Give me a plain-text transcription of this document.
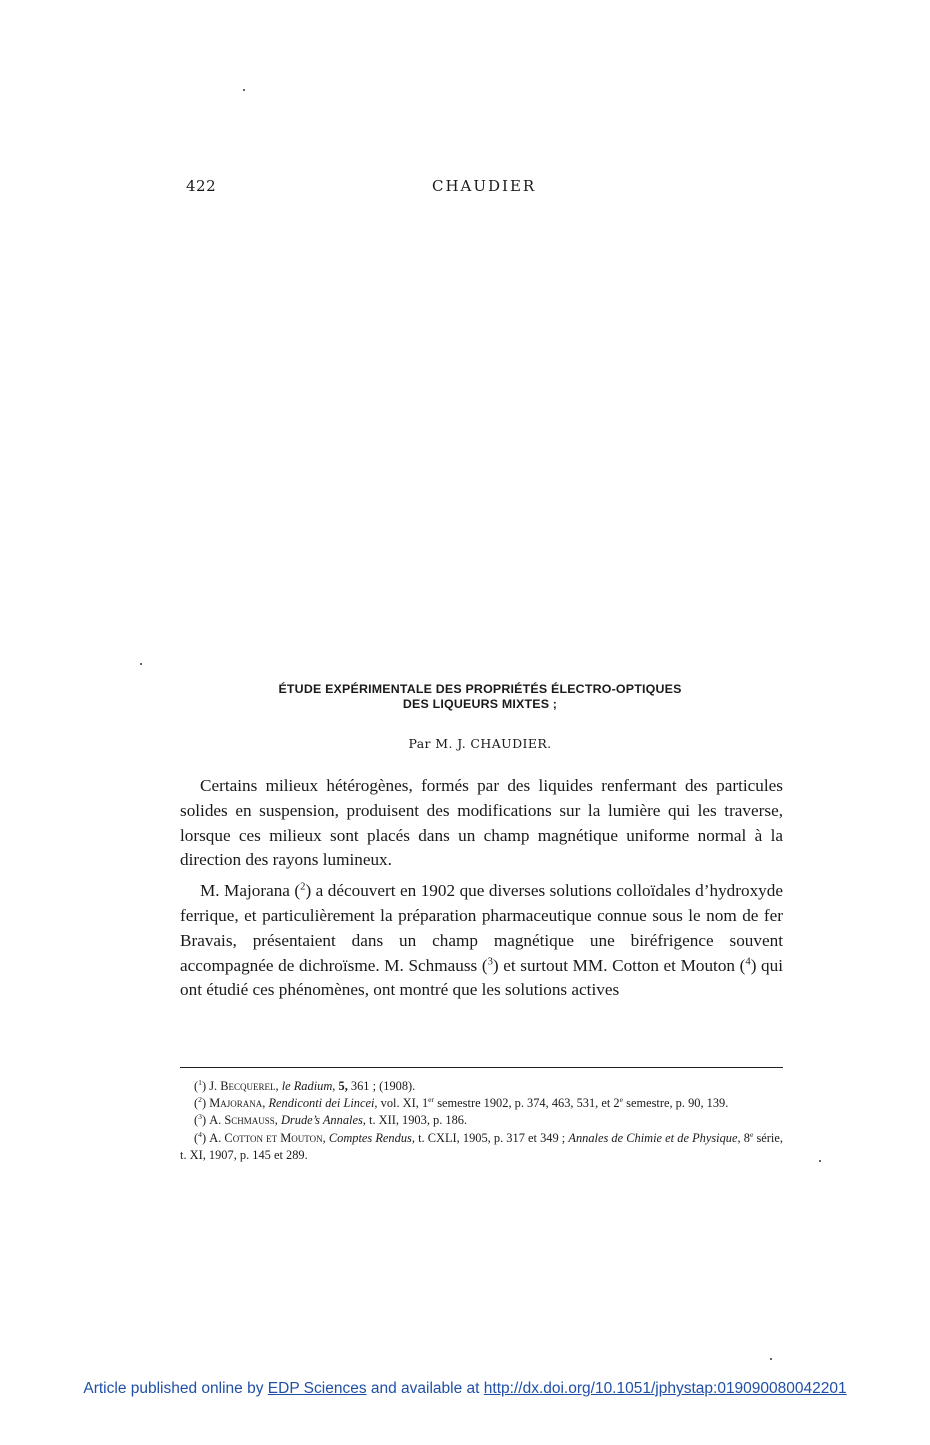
422	CHAUDIER
ÉTUDE EXPÉRIMENTALE DES PROPRIÉTÉS ÉLECTRO-OPTIQUES
DES LIQUEURS MIXTES ;
Par M. J. CHAUDIER.

Certains milieux hétérogènes, formés par des liquides renfermant des particules solides en suspension, produisent des modifications sur la lumière qui les traverse, lorsque ces milieux sont placés dans un champ magnétique uniforme normal à la direction des rayons lumineux.

M. Majorana ($^2$) a découvert en 1902 que diverses solutions colloïdales d’hydroxyde ferrique, et particulièrement la préparation pharmaceutique connue sous le nom de fer Bravais, présentaient dans un champ magnétique une biréfrigence souvent accompagnée de dichroïsme. M. Schmauss ($^3$) et surtout MM. Cotton et Mouton ($^4$) qui ont étudié ces phénomènes, ont montré que les solutions actives

($^1$) J. Becquerel, le Radium, 5, 361 ; (1908).

($^2$) Majorana, Rendiconti dei Lincei, vol. XI, 1er semestre 1902, p. 374, 463, 531, et 2e semestre, p. 90, 139.

($^3$) A. Schmauss, Drude’s Annales, t. XII, 1903, p. 186.

($^4$) A. Cotton et Mouton, Comptes Rendus, t. CXLI, 1905, p. 317 et 349 ; Annales de Chimie et de Physique, 8e série, t. XI, 1907, p. 145 et 289.

Article published online by EDP Sciences and available at http://dx.doi.org/10.1051/jphystap:019090080042201
